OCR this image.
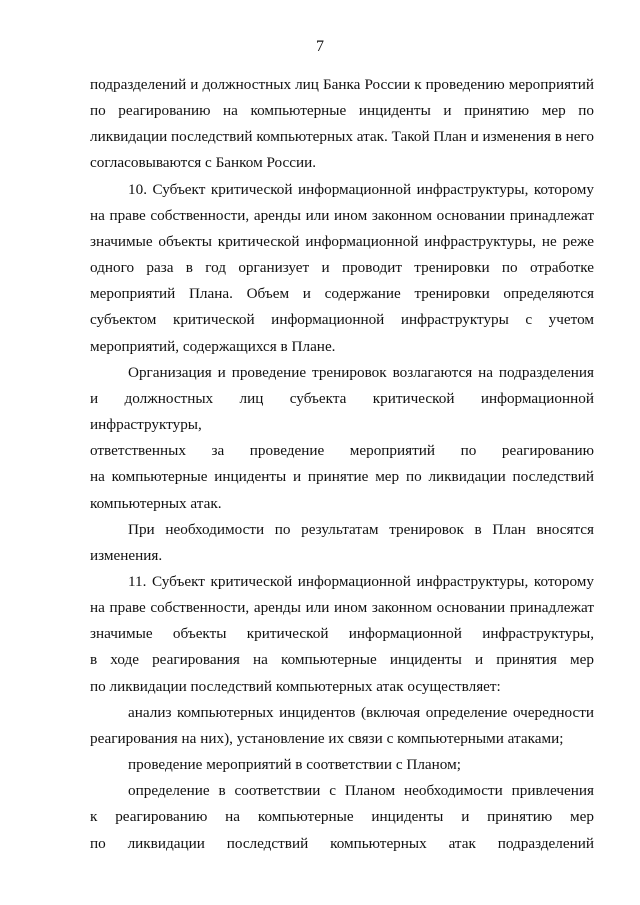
7
подразделений и должностных лиц Банка России к проведению мероприятий
по реагированию на компьютерные инциденты и принятию мер по
ликвидации последствий компьютерных атак. Такой План и изменения в него
согласовываются с Банком России.
10. Субъект критической информационной инфраструктуры, которому
на праве собственности, аренды или ином законном основании принадлежат
значимые объекты критической информационной инфраструктуры, не реже
одного раза в год организует и проводит тренировки по отработке
мероприятий Плана. Объем и содержание тренировки определяются
субъектом критической информационной инфраструктуры с учетом
мероприятий, содержащихся в Плане.
Организация и проведение тренировок возлагаются на подразделения
и должностных лиц субъекта критической информационной инфраструктуры,
ответственных за проведение мероприятий по реагированию
на компьютерные инциденты и принятие мер по ликвидации последствий
компьютерных атак.
При необходимости по результатам тренировок в План вносятся
изменения.
11. Субъект критической информационной инфраструктуры, которому
на праве собственности, аренды или ином законном основании принадлежат
значимые объекты критической информационной инфраструктуры,
в ходе реагирования на компьютерные инциденты и принятия мер
по ликвидации последствий компьютерных атак осуществляет:
анализ компьютерных инцидентов (включая определение очередности
реагирования на них), установление их связи с компьютерными атаками;
проведение мероприятий в соответствии с Планом;
определение в соответствии с Планом необходимости привлечения
к реагированию на компьютерные инциденты и принятию мер
по ликвидации последствий компьютерных атак подразделений
